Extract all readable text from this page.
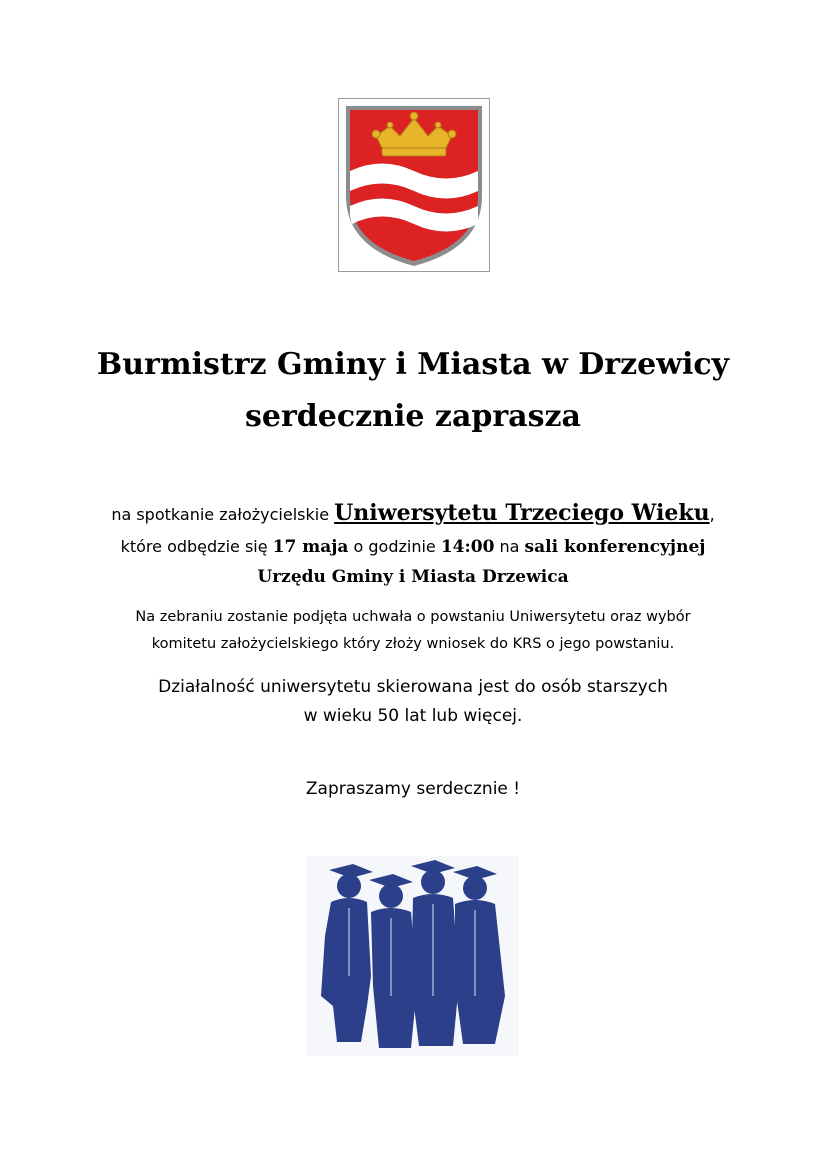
Burmistrz Gminy i Miasta w Drzewicy
serdecznie zaprasza
na spotkanie założycielskie Uniwersytetu Trzeciego Wieku,
które odbędzie się 17 maja o godzinie 14:00 na sali konferencyjnej
Urzędu Gminy i Miasta Drzewica
Na zebraniu zostanie podjęta uchwała o powstaniu Uniwersytetu oraz wybór
komitetu założycielskiego który złoży wniosek do KRS o jego powstaniu.
Działalność uniwersytetu skierowana jest do osób starszych
w wieku 50 lat lub więcej.
Zapraszamy serdecznie !
